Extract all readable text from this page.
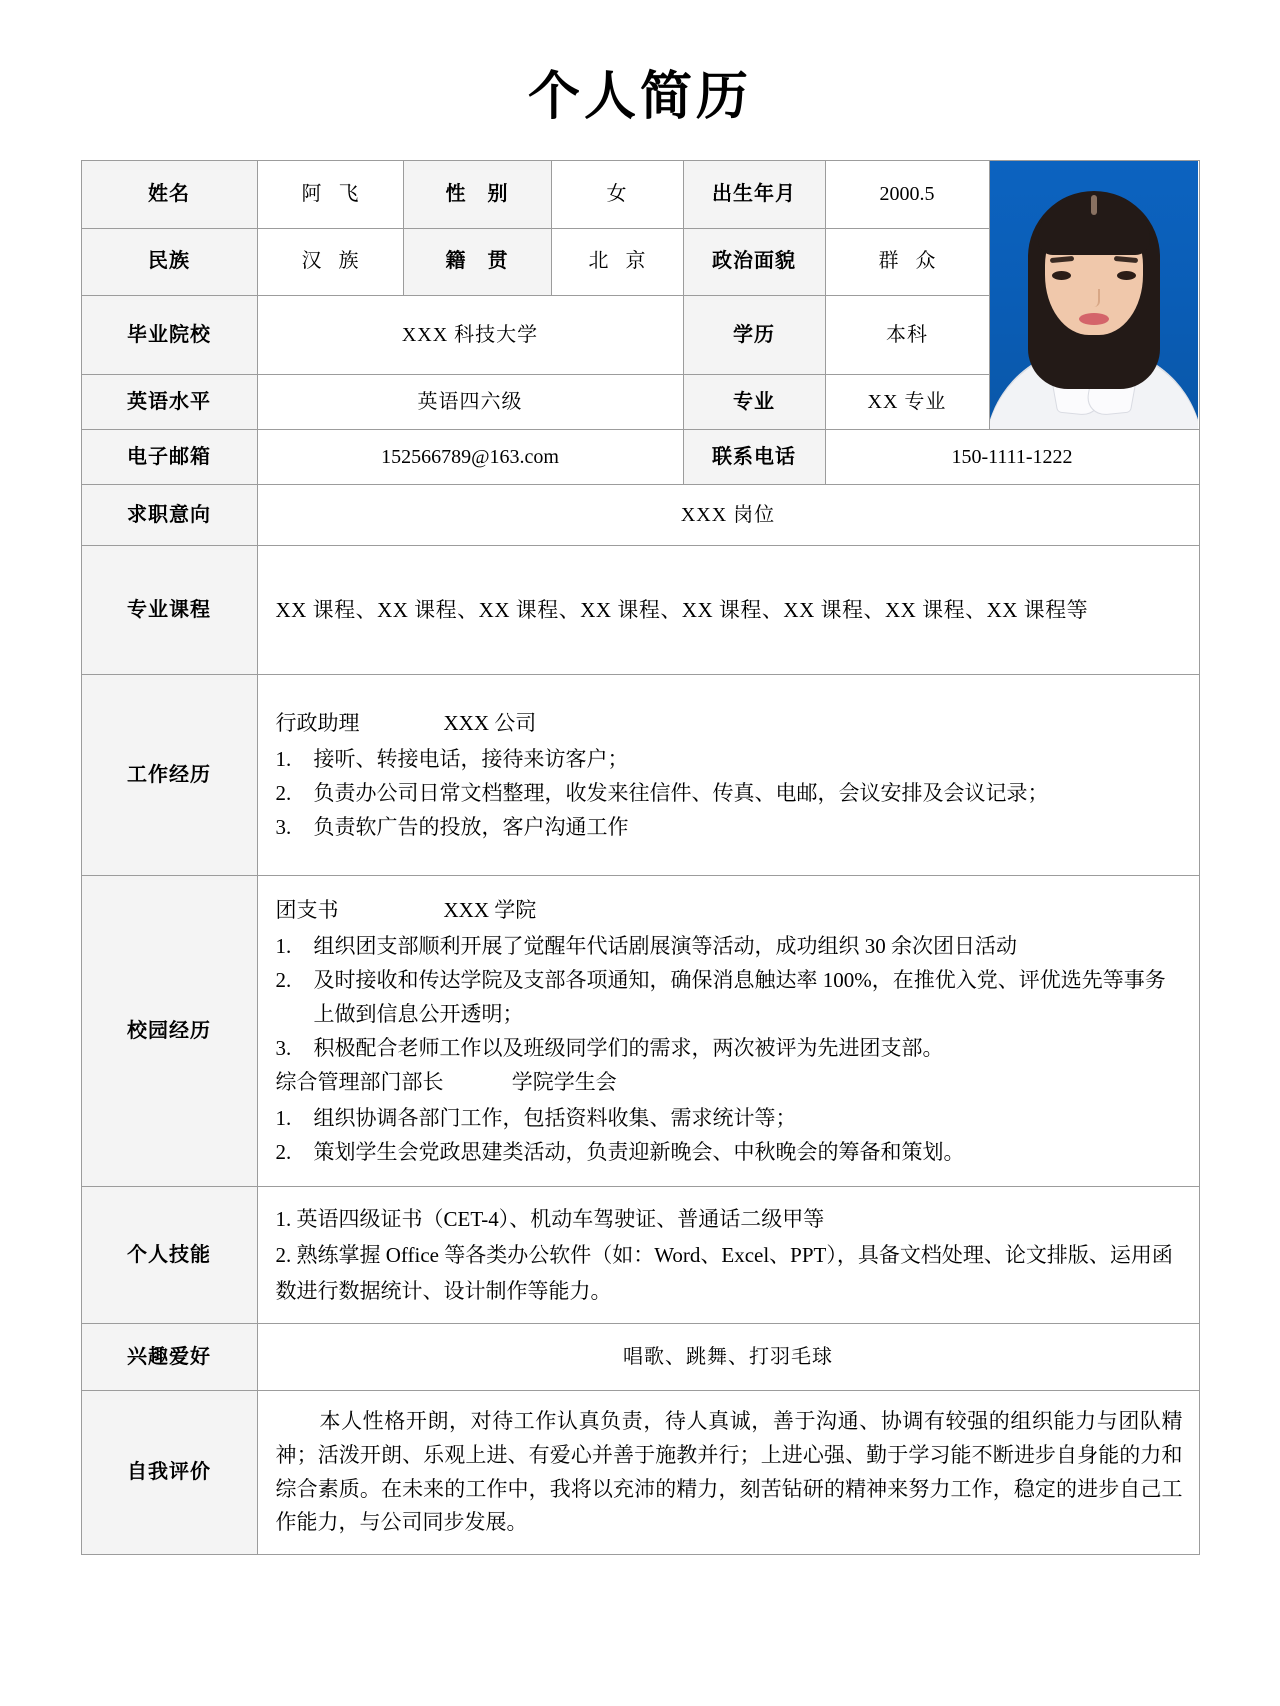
个人简历
姓名	阿 飞	性　别	女	出生年月	2000.5	

民族	汉 族	籍　贯	北 京	政治面貌	群 众	
毕业院校	XXX 科技大学			学历	本科	
英语水平	英语四六级			专业	XX 专业	
电子邮箱	152566789@163.com			联系电话	150-1111-1222	
求职意向	XXX 岗位					
专业课程	XX 课程、XX 课程、XX 课程、XX 课程、XX 课程、XX 课程、XX 课程、XX 课程等					

工作经历	
行政助理	XXX 公司
1.	接听、转接电话，接待来访客户；
2.	负责办公司日常文档整理，收发来往信件、传真、电邮，会议安排及会议记录；
3.	负责软广告的投放，客户沟通工作

校园经历	
团支书	XXX 学院
1.	组织团支部顺利开展了觉醒年代话剧展演等活动，成功组织 30 余次团日活动
2.	及时接收和传达学院及支部各项通知，确保消息触达率 100%，在推优入党、评优选先等事务上做到信息公开透明；
3.	积极配合老师工作以及班级同学们的需求，两次被评为先进团支部。
综合管理部门部长	学院学生会
1.	组织协调各部门工作，包括资料收集、需求统计等；
2.	策划学生会党政思建类活动，负责迎新晚会、中秋晚会的筹备和策划。

个人技能	1. 英语四级证书（CET-4）、机动车驾驶证、普通话二级甲等
2. 熟练掌握 Office 等各类办公软件（如：Word、Excel、PPT），具备文档处理、论文排版、运用函数进行数据统计、设计制作等能力。					

兴趣爱好	唱歌、跳舞、打羽毛球					
自我评价	本人性格开朗，对待工作认真负责，待人真诚，善于沟通、协调有较强的组织能力与团队精神；活泼开朗、乐观上进、有爱心并善于施教并行；上进心强、勤于学习能不断进步自身能的力和综合素质。在未来的工作中，我将以充沛的精力，刻苦钻研的精神来努力工作，稳定的进步自己工作能力，与公司同步发展。					
